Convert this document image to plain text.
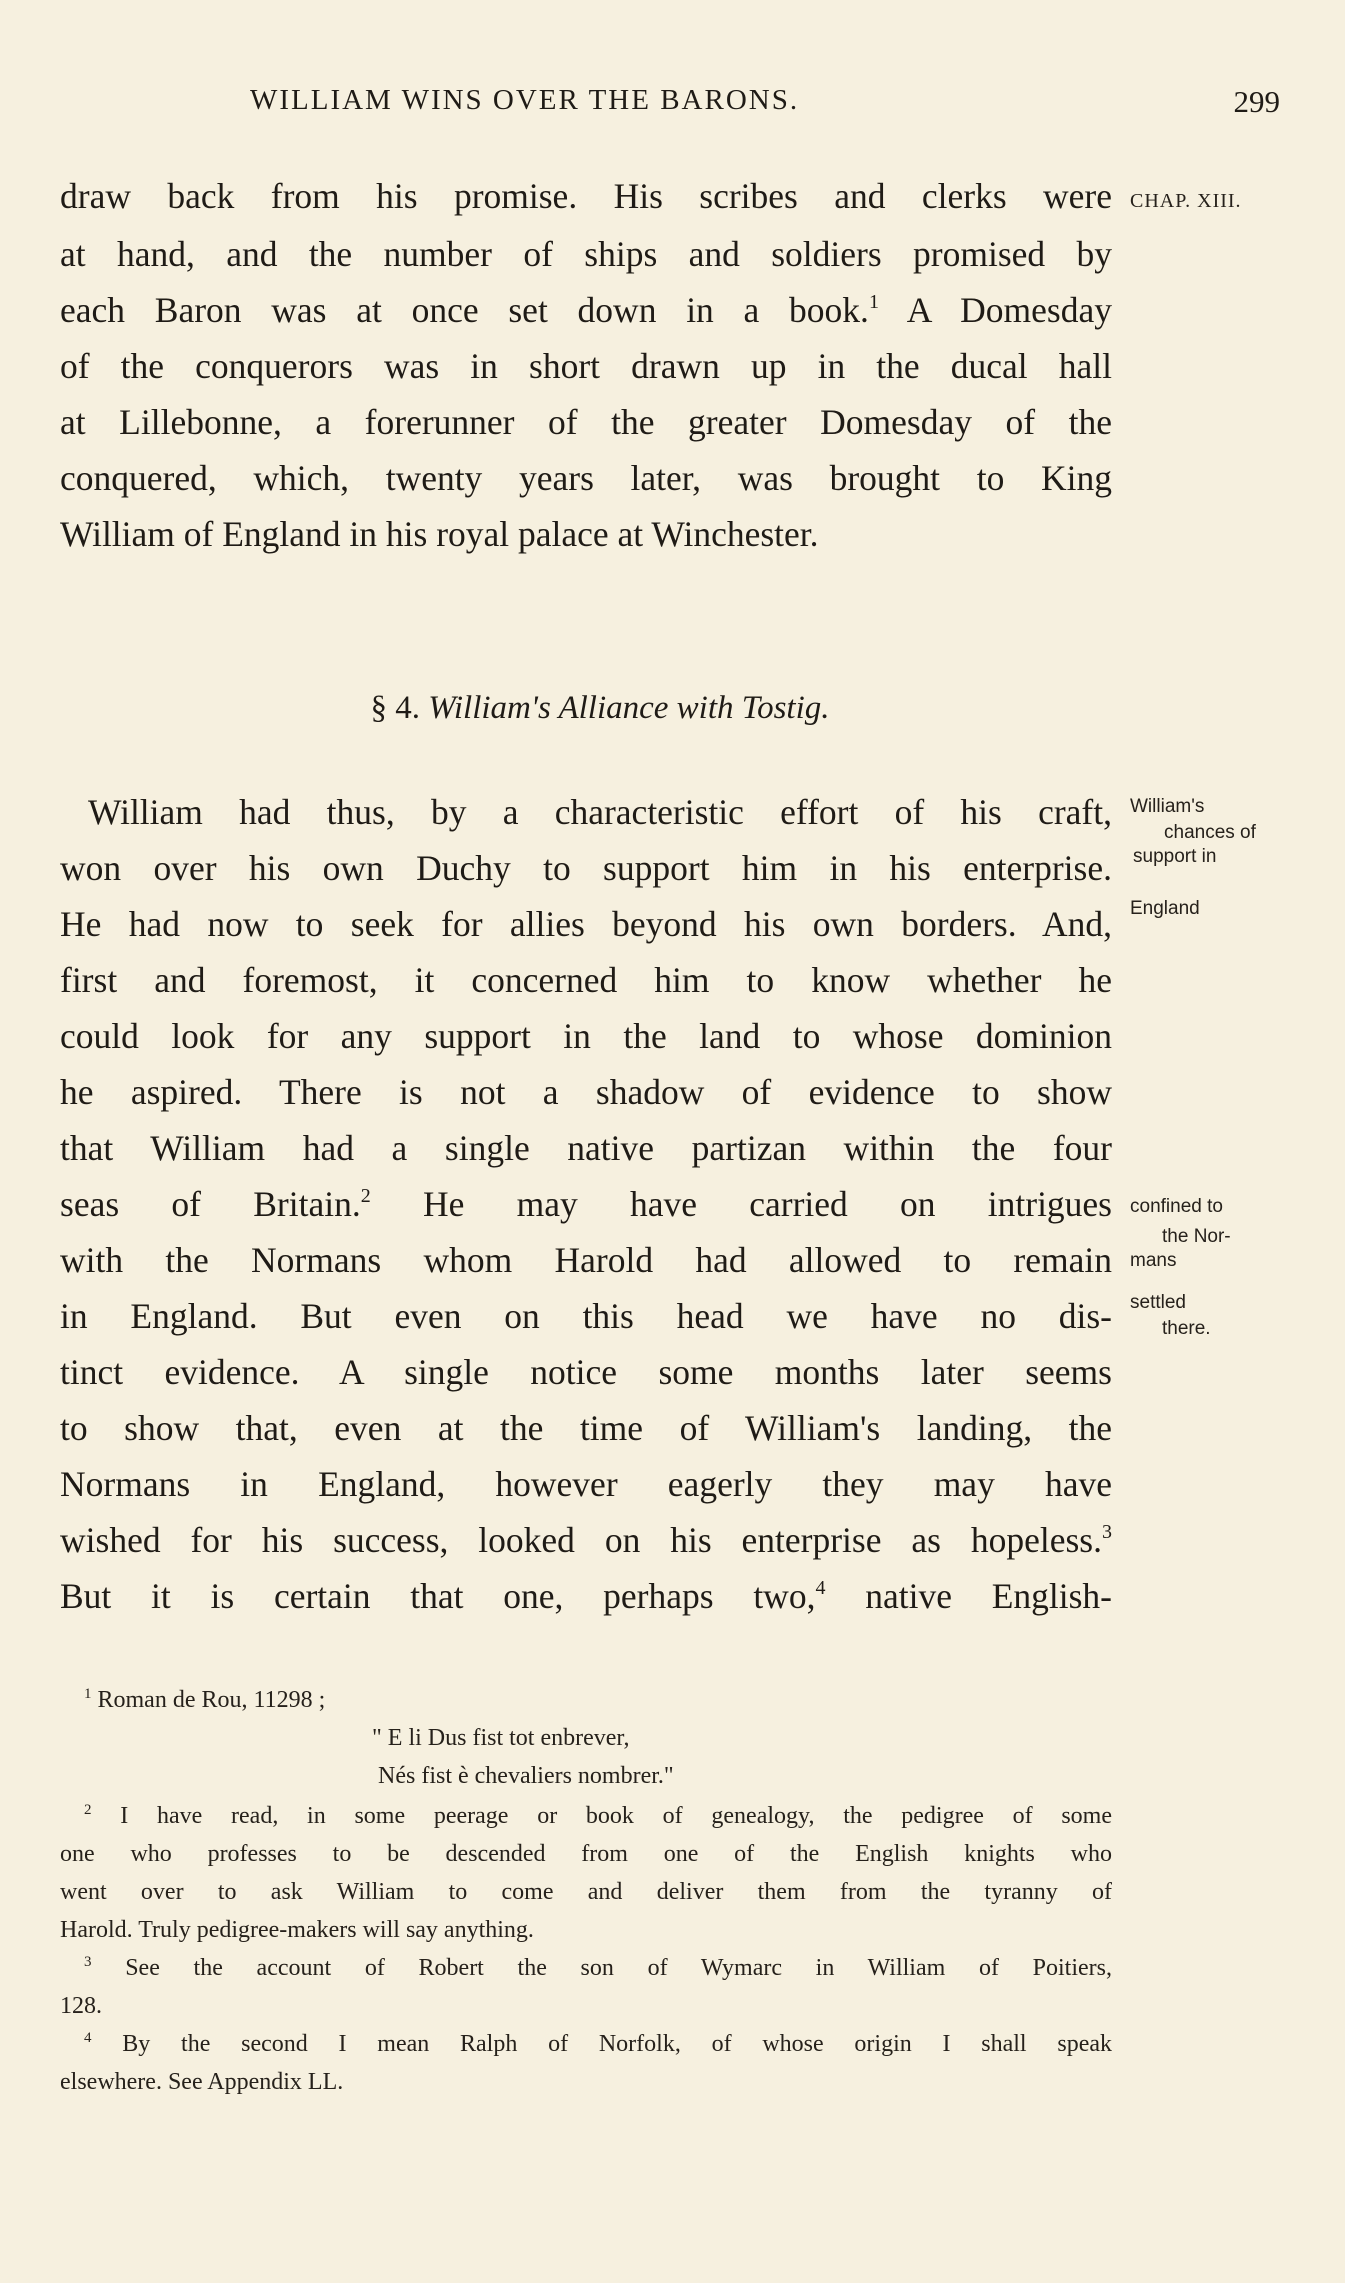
WILLIAM WINS OVER THE BARONS.	299
draw back from his promise. His scribes and clerks were
at hand, and the number of ships and soldiers promised by
each Baron was at once set down in a book.$^1$ A Domesday
of the conquerors was in short drawn up in the ducal hall
at Lillebonne, a forerunner of the greater Domesday of the
conquered, which, twenty years later, was brought to King
William of England in his royal palace at Winchester.
CHAP. XIII.
§ 4. William's Alliance with Tostig.
William had thus, by a characteristic effort of his craft,
won over his own Duchy to support him in his enterprise.
He had now to seek for allies beyond his own borders. And,
first and foremost, it concerned him to know whether he
could look for any support in the land to whose dominion
he aspired. There is not a shadow of evidence to show
that William had a single native partizan within the four
seas of Britain.$^2$ He may have carried on intrigues
with the Normans whom Harold had allowed to remain
in England. But even on this head we have no dis-
tinct evidence. A single notice some months later seems
to show that, even at the time of William's landing, the
Normans in England, however eagerly they may have
wished for his success, looked on his enterprise as hopeless.$^3$
But it is certain that one, perhaps two,$^4$ native English-
William's
chances of
support in
England
confined to
the Nor-
mans
settled
there.
$^1$ Roman de Rou, 11298 ;
" E li Dus fist tot enbrever,
Nés fist è chevaliers nombrer."
$^2$ I have read, in some peerage or book of genealogy, the pedigree of some
one who professes to be descended from one of the English knights who
went over to ask William to come and deliver them from the tyranny of
Harold. Truly pedigree-makers will say anything.
$^3$ See the account of Robert the son of Wymarc in William of Poitiers,
128.
$^4$ By the second I mean Ralph of Norfolk, of whose origin I shall speak
elsewhere. See Appendix LL.
